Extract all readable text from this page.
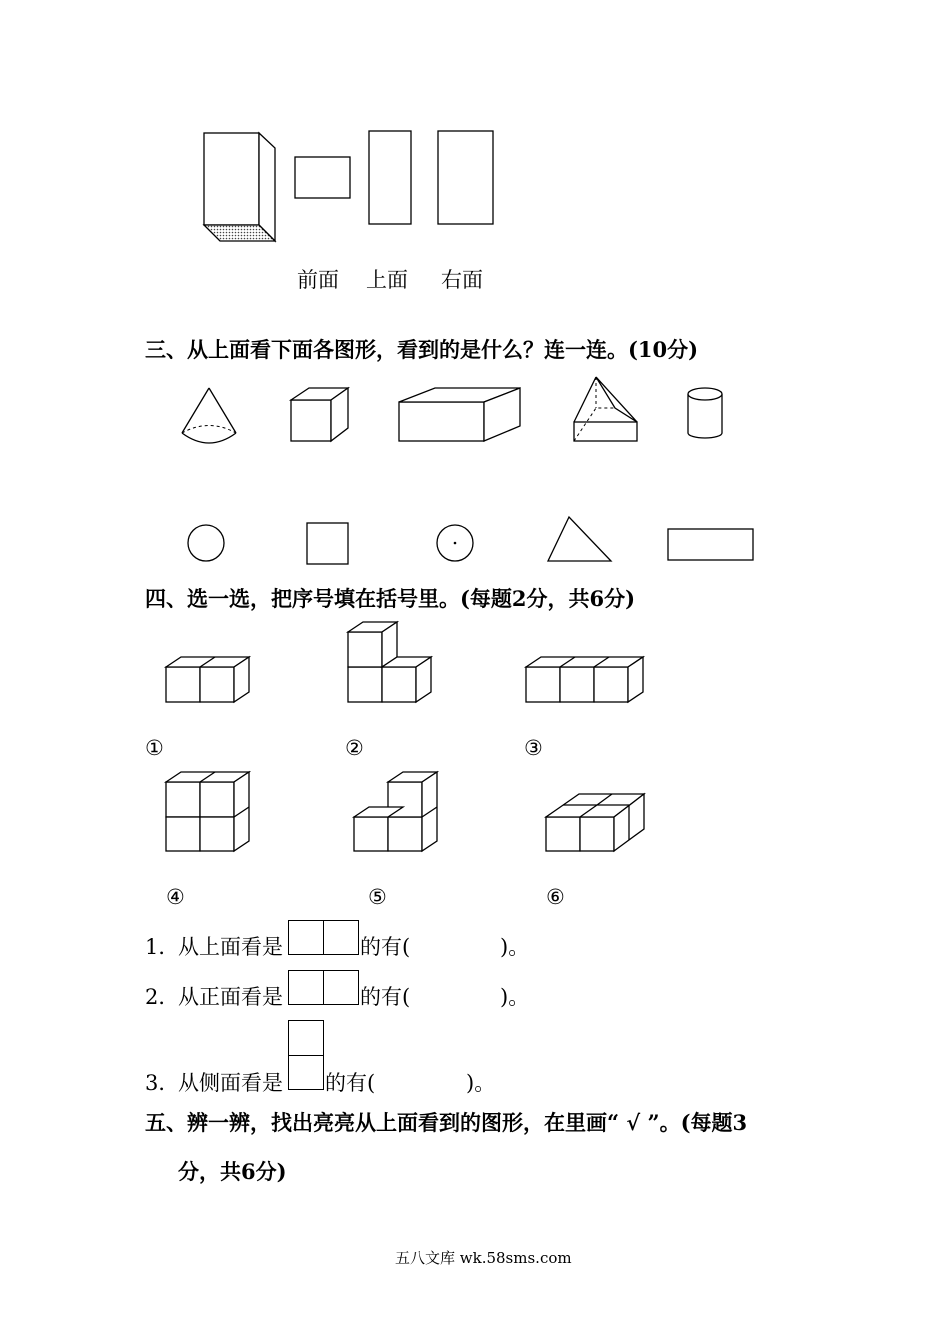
前面 上面 右面
三、从上面看下面各图形，看到的是什么？连一连。(10分)
四、选一选，把序号填在括号里。(每题2分，共6分)
①	②	③
④	⑤	⑥
1．
从上面看是	的有(	)。
2．
从正面看是	的有(	)。
3．
从侧面看是 的有(	)。
五、辨一辨，找出亮亮从上面看到的图形，在里画“ √ ”。(每题3
分，共6分)
五八文库 wk.58sms.com
